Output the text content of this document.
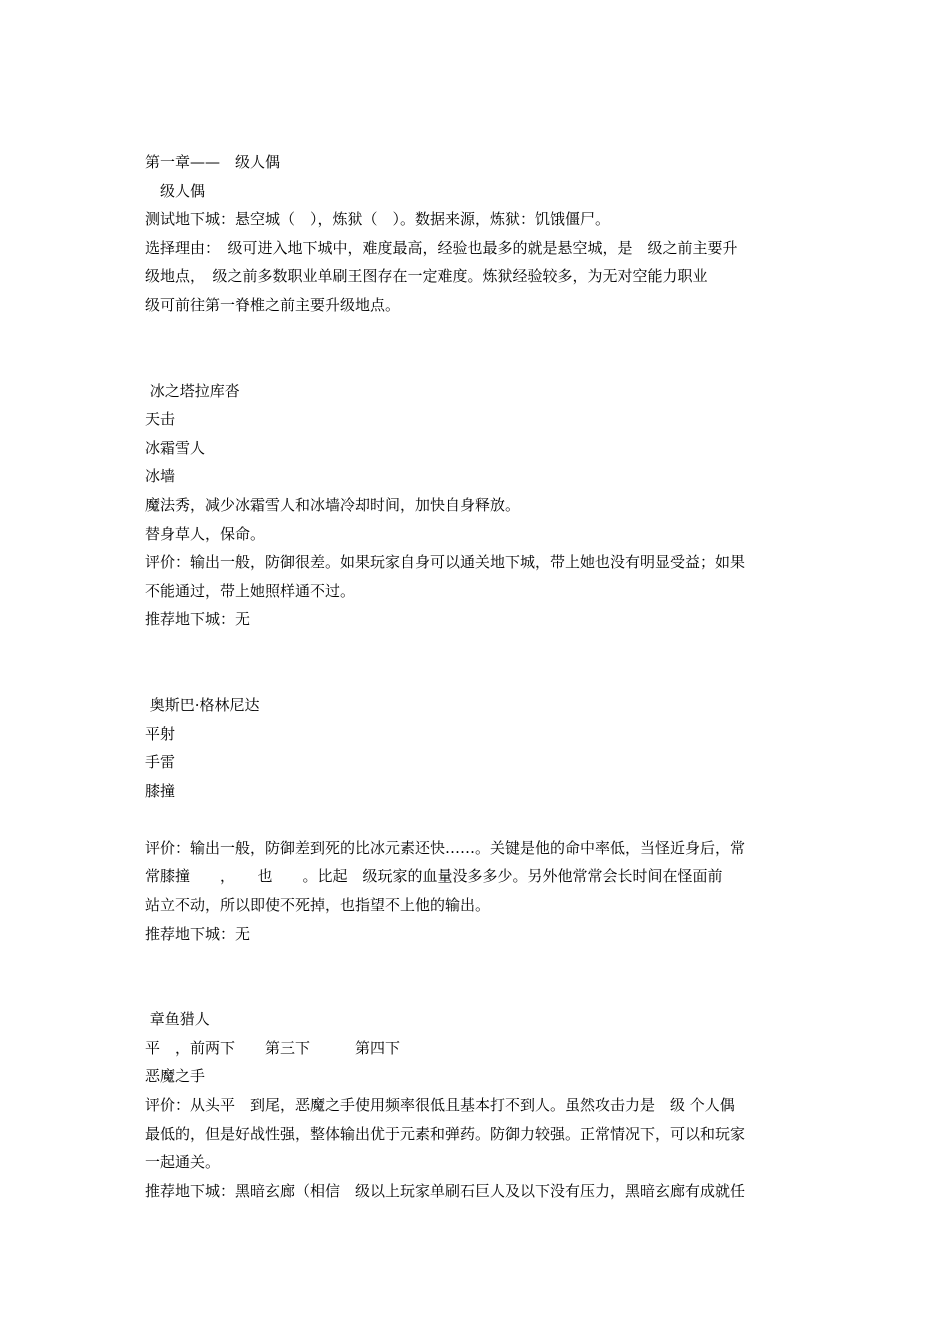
第一章——　级人偶
　级人偶
测试地下城：悬空城（　），炼狱（　）。数据来源，炼狱：饥饿僵尸。
选择理由：　级可进入地下城中，难度最高，经验也最多的就是悬空城，是　级之前主要升
级地点，　级之前多数职业单刷王图存在一定难度。炼狱经验较多，为无对空能力职业
级可前往第一脊椎之前主要升级地点。
冰之塔拉库沓
天击
冰霜雪人
冰墙
魔法秀，减少冰霜雪人和冰墙冷却时间，加快自身释放。
替身草人，保命。
评价：输出一般，防御很差。如果玩家自身可以通关地下城，带上她也没有明显受益；如果
不能通过，带上她照样通不过。
推荐地下城：无
奥斯巴·格林尼达
平射
手雷
膝撞
评价：输出一般，防御差到死的比冰元素还快……。关键是他的命中率低，当怪近身后，常
常膝撞　　，　　也　　。比起　级玩家的血量没多多少。另外他常常会长时间在怪面前
站立不动，所以即使不死掉，也指望不上他的输出。
推荐地下城：无
章鱼猎人
平　，前两下　　第三下　　　第四下
恶魔之手
评价：从头平　到尾，恶魔之手使用频率很低且基本打不到人。虽然攻击力是　级 个人偶
最低的，但是好战性强，整体输出优于元素和弹药。防御力较强。正常情况下，可以和玩家
一起通关。
推荐地下城：黑暗玄廊（相信　级以上玩家单刷石巨人及以下没有压力，黑暗玄廊有成就任
